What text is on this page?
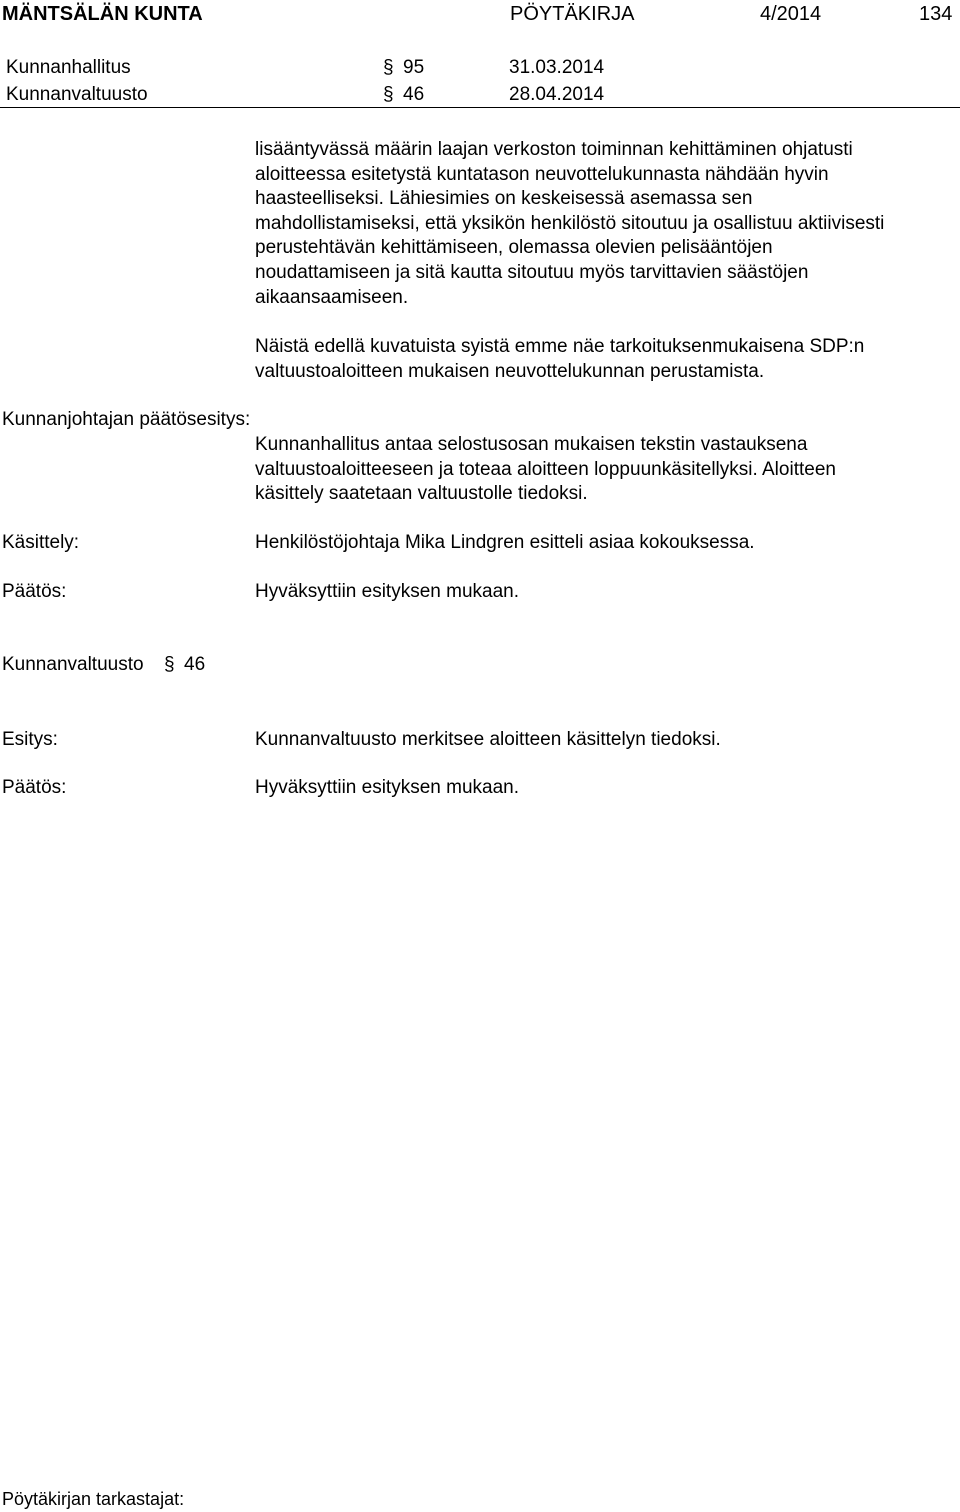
MÄNTSÄLÄN KUNTA	PÖYTÄKIRJA	4/2014	134
Kunnanhallitus	§ 95	31.03.2014
Kunnanvaltuusto	§ 46	28.04.2014
lisääntyvässä määrin laajan verkoston toiminnan kehittäminen ohjatusti
aloitteessa esitetystä kuntatason neuvottelukunnasta nähdään hyvin
haasteelliseksi. Lähiesimies on keskeisessä asemassa sen
mahdollistamiseksi, että yksikön henkilöstö sitoutuu ja osallistuu aktiivisesti
perustehtävän kehittämiseen, olemassa olevien pelisääntöjen
noudattamiseen ja sitä kautta sitoutuu myös tarvittavien säästöjen
aikaansaamiseen.
Näistä edellä kuvatuista syistä emme näe tarkoituksenmukaisena SDP:n
valtuustoaloitteen mukaisen neuvottelukunnan perustamista.
Kunnanjohtajan päätösesitys:
Kunnanhallitus antaa selostusosan mukaisen tekstin vastauksena
valtuustoaloitteeseen ja toteaa aloitteen loppuunkäsitellyksi. Aloitteen
käsittely saatetaan valtuustolle tiedoksi.
Käsittely:	Henkilöstöjohtaja Mika Lindgren esitteli asiaa kokouksessa.
Päätös:	Hyväksyttiin esityksen mukaan.
Kunnanvaltuusto § 46
Esitys:	Kunnanvaltuusto merkitsee aloitteen käsittelyn tiedoksi.
Päätös:	Hyväksyttiin esityksen mukaan.
Pöytäkirjan tarkastajat:
